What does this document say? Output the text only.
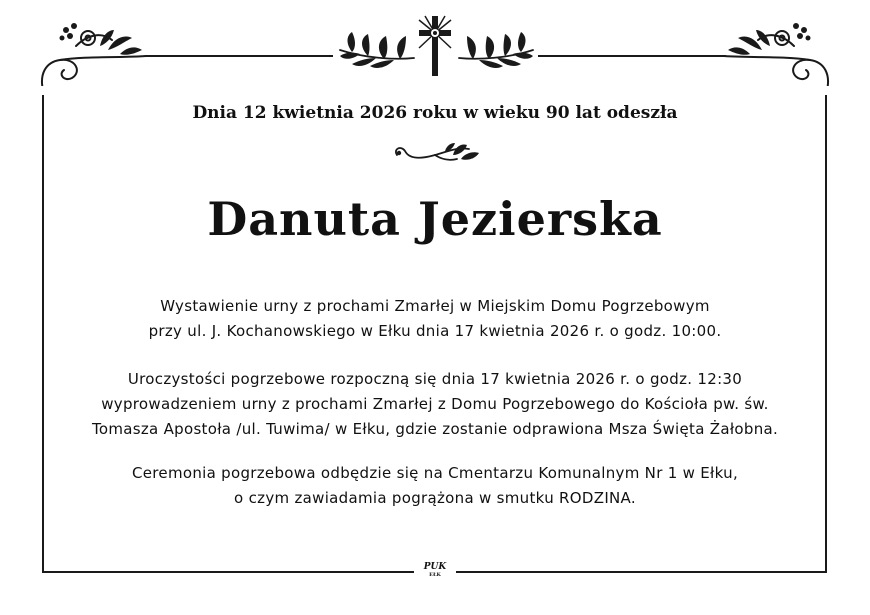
Dnia 12 kwietnia 2026 roku w wieku 90 lat odeszła
Danuta Jezierska
Wystawienie urny z prochami Zmarłej w Miejskim Domu Pogrzebowym
przy ul. J. Kochanowskiego w Ełku dnia 17 kwietnia 2026 r. o godz. 10:00.
Uroczystości pogrzebowe rozpoczną się dnia 17 kwietnia 2026 r. o godz. 12:30
wyprowadzeniem urny z prochami Zmarłej z Domu Pogrzebowego do Kościoła pw. św.
Tomasza Apostoła /ul. Tuwima/ w Ełku, gdzie zostanie odprawiona Msza Święta Żałobna.
Ceremonia pogrzebowa odbędzie się na Cmentarzu Komunalnym Nr 1 w Ełku,
o czym zawiadamia pogrążona w smutku RODZINA.
PUK
EŁK
